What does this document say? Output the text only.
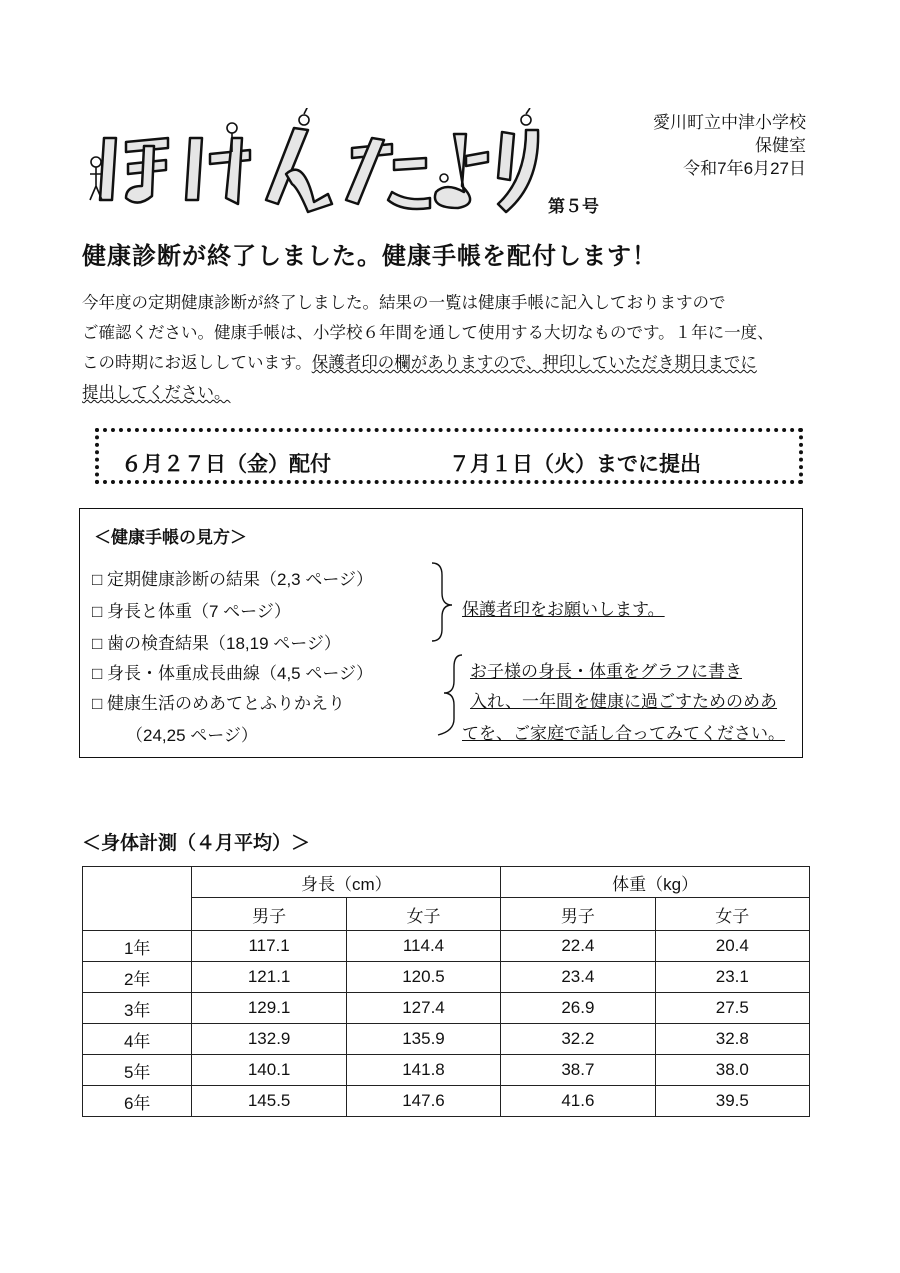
第５号
愛川町立中津小学校
保健室
令和7年6月27日
健康診断が終了しました。健康手帳を配付します！
今年度の定期健康診断が終了しました。結果の一覧は健康手帳に記入しておりますので
ご確認ください。健康手帳は、小学校６年間を通して使用する大切なものです。１年に一度、
この時期にお返ししています。保護者印の欄がありますので、押印していただき期日までに
提出してください。
６月２７日（金）配付	７月１日（火）までに提出
＜健康手帳の見方＞
□ 定期健康診断の結果（2,3 ページ）
□ 身長と体重（7 ページ）
□ 歯の検査結果（18,19 ページ）
□ 身長・体重成長曲線（4,5 ページ）
□ 健康生活のめあてとふりかえり
（24,25 ページ）
保護者印をお願いします。
お子様の身長・体重をグラフに書き
入れ、一年間を健康に過ごすためのめあ
てを、ご家庭で話し合ってみてください。
＜身体計測（４月平均）＞
	身長（cm）		体重（kg）	
	男子	女子	男子	女子
1年	117.1	114.4	22.4	20.4
2年	121.1	120.5	23.4	23.1
3年	129.1	127.4	26.9	27.5
4年	132.9	135.9	32.2	32.8
5年	140.1	141.8	38.7	38.0
6年	145.5	147.6	41.6	39.5
